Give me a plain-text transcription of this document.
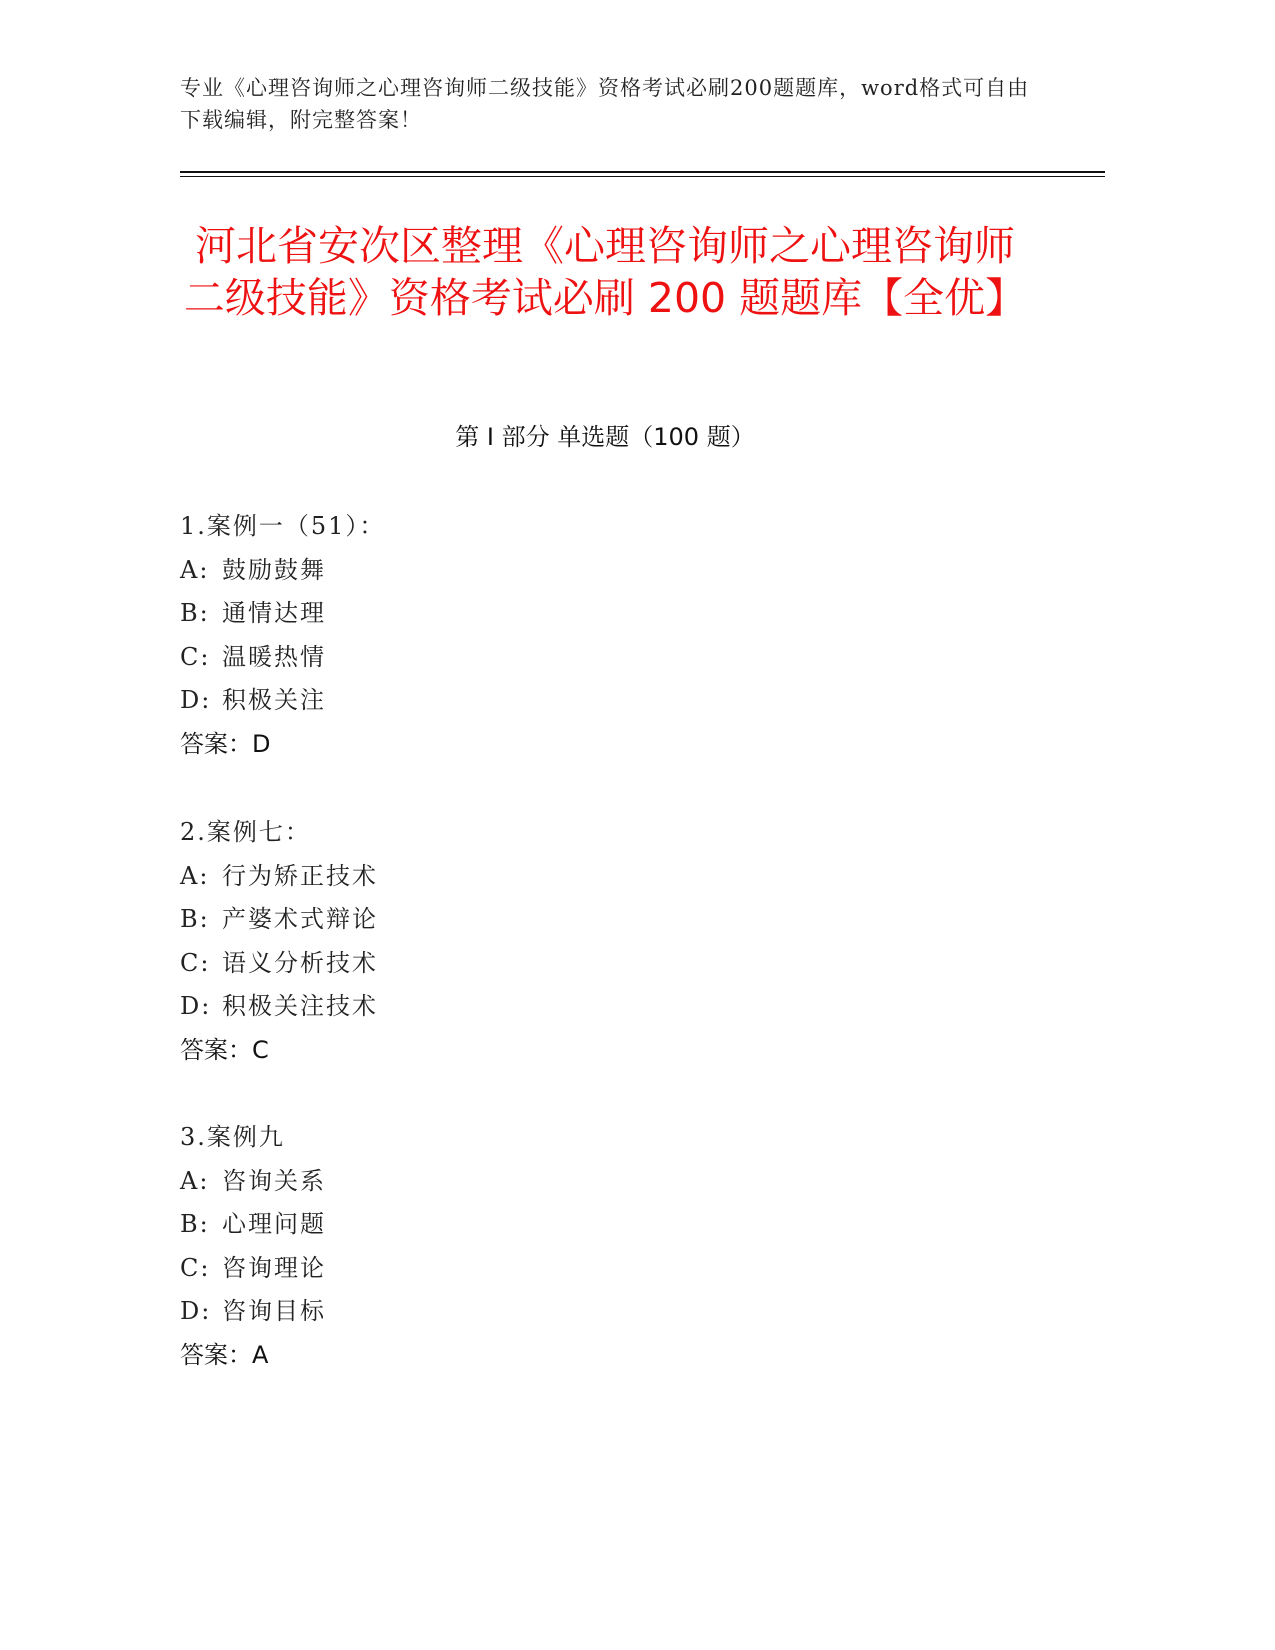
专业《心理咨询师之心理咨询师二级技能》资格考试必刷200题题库，word格式可自由下载编辑，附完整答案！

河北省安次区整理《心理咨询师之心理咨询师二级技能》资格考试必刷 200 题题库【全优】
第 I 部分 单选题（100 题）
1.案例一（51）：
A: 鼓励鼓舞
B: 通情达理
C: 温暖热情
D: 积极关注
答案：D
2.案例七：
A: 行为矫正技术
B: 产婆术式辩论
C: 语义分析技术
D: 积极关注技术
答案：C
3.案例九
A: 咨询关系
B: 心理问题
C: 咨询理论
D: 咨询目标
答案：A
